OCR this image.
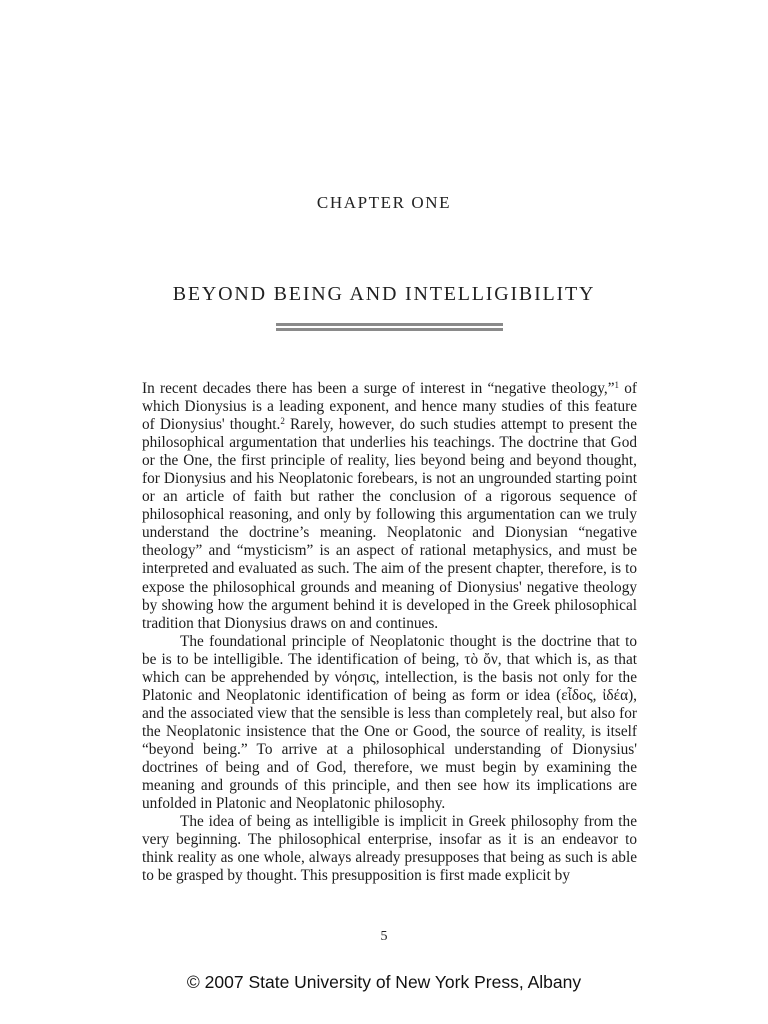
CHAPTER ONE
BEYOND BEING AND INTELLIGIBILITY

In recent decades there has been a surge of interest in “negative theology,”$^1$ of which Dionysius is a leading exponent, and hence many studies of this feature of Dionysius' thought.$^2$ Rarely, however, do such studies attempt to present the philosophical argumentation that underlies his teachings. The doctrine that God or the One, the first principle of reality, lies beyond being and beyond thought, for Dionysius and his Neoplatonic forebears, is not an ungrounded starting point or an article of faith but rather the conclusion of a rigorous sequence of philosophical reasoning, and only by following this argumentation can we truly understand the doctrine’s meaning. Neoplatonic and Dionysian “negative theology” and “mysticism” is an aspect of rational metaphysics, and must be interpreted and evaluated as such. The aim of the present chapter, therefore, is to expose the philosophical grounds and meaning of Dionysius' negative theology by showing how the argument behind it is developed in the Greek philosophical tradition that Dionysius draws on and continues.

The foundational principle of Neoplatonic thought is the doctrine that to be is to be intelligible. The identification of being, τὸ ὄν, that which is, as that which can be apprehended by νόησις, intellection, is the basis not only for the Platonic and Neoplatonic identification of being as form or idea (εἶδος, ἰδέα), and the associated view that the sensible is less than completely real, but also for the Neoplatonic insistence that the One or Good, the source of reality, is itself “beyond being.” To arrive at a philosophical understanding of Dionysius' doctrines of being and of God, therefore, we must begin by examining the meaning and grounds of this principle, and then see how its implications are unfolded in Platonic and Neoplatonic philosophy.

The idea of being as intelligible is implicit in Greek philosophy from the very beginning. The philosophical enterprise, insofar as it is an endeavor to think reality as one whole, always already presupposes that being as such is able to be grasped by thought. This presupposition is first made explicit by

5
© 2007 State University of New York Press, Albany
